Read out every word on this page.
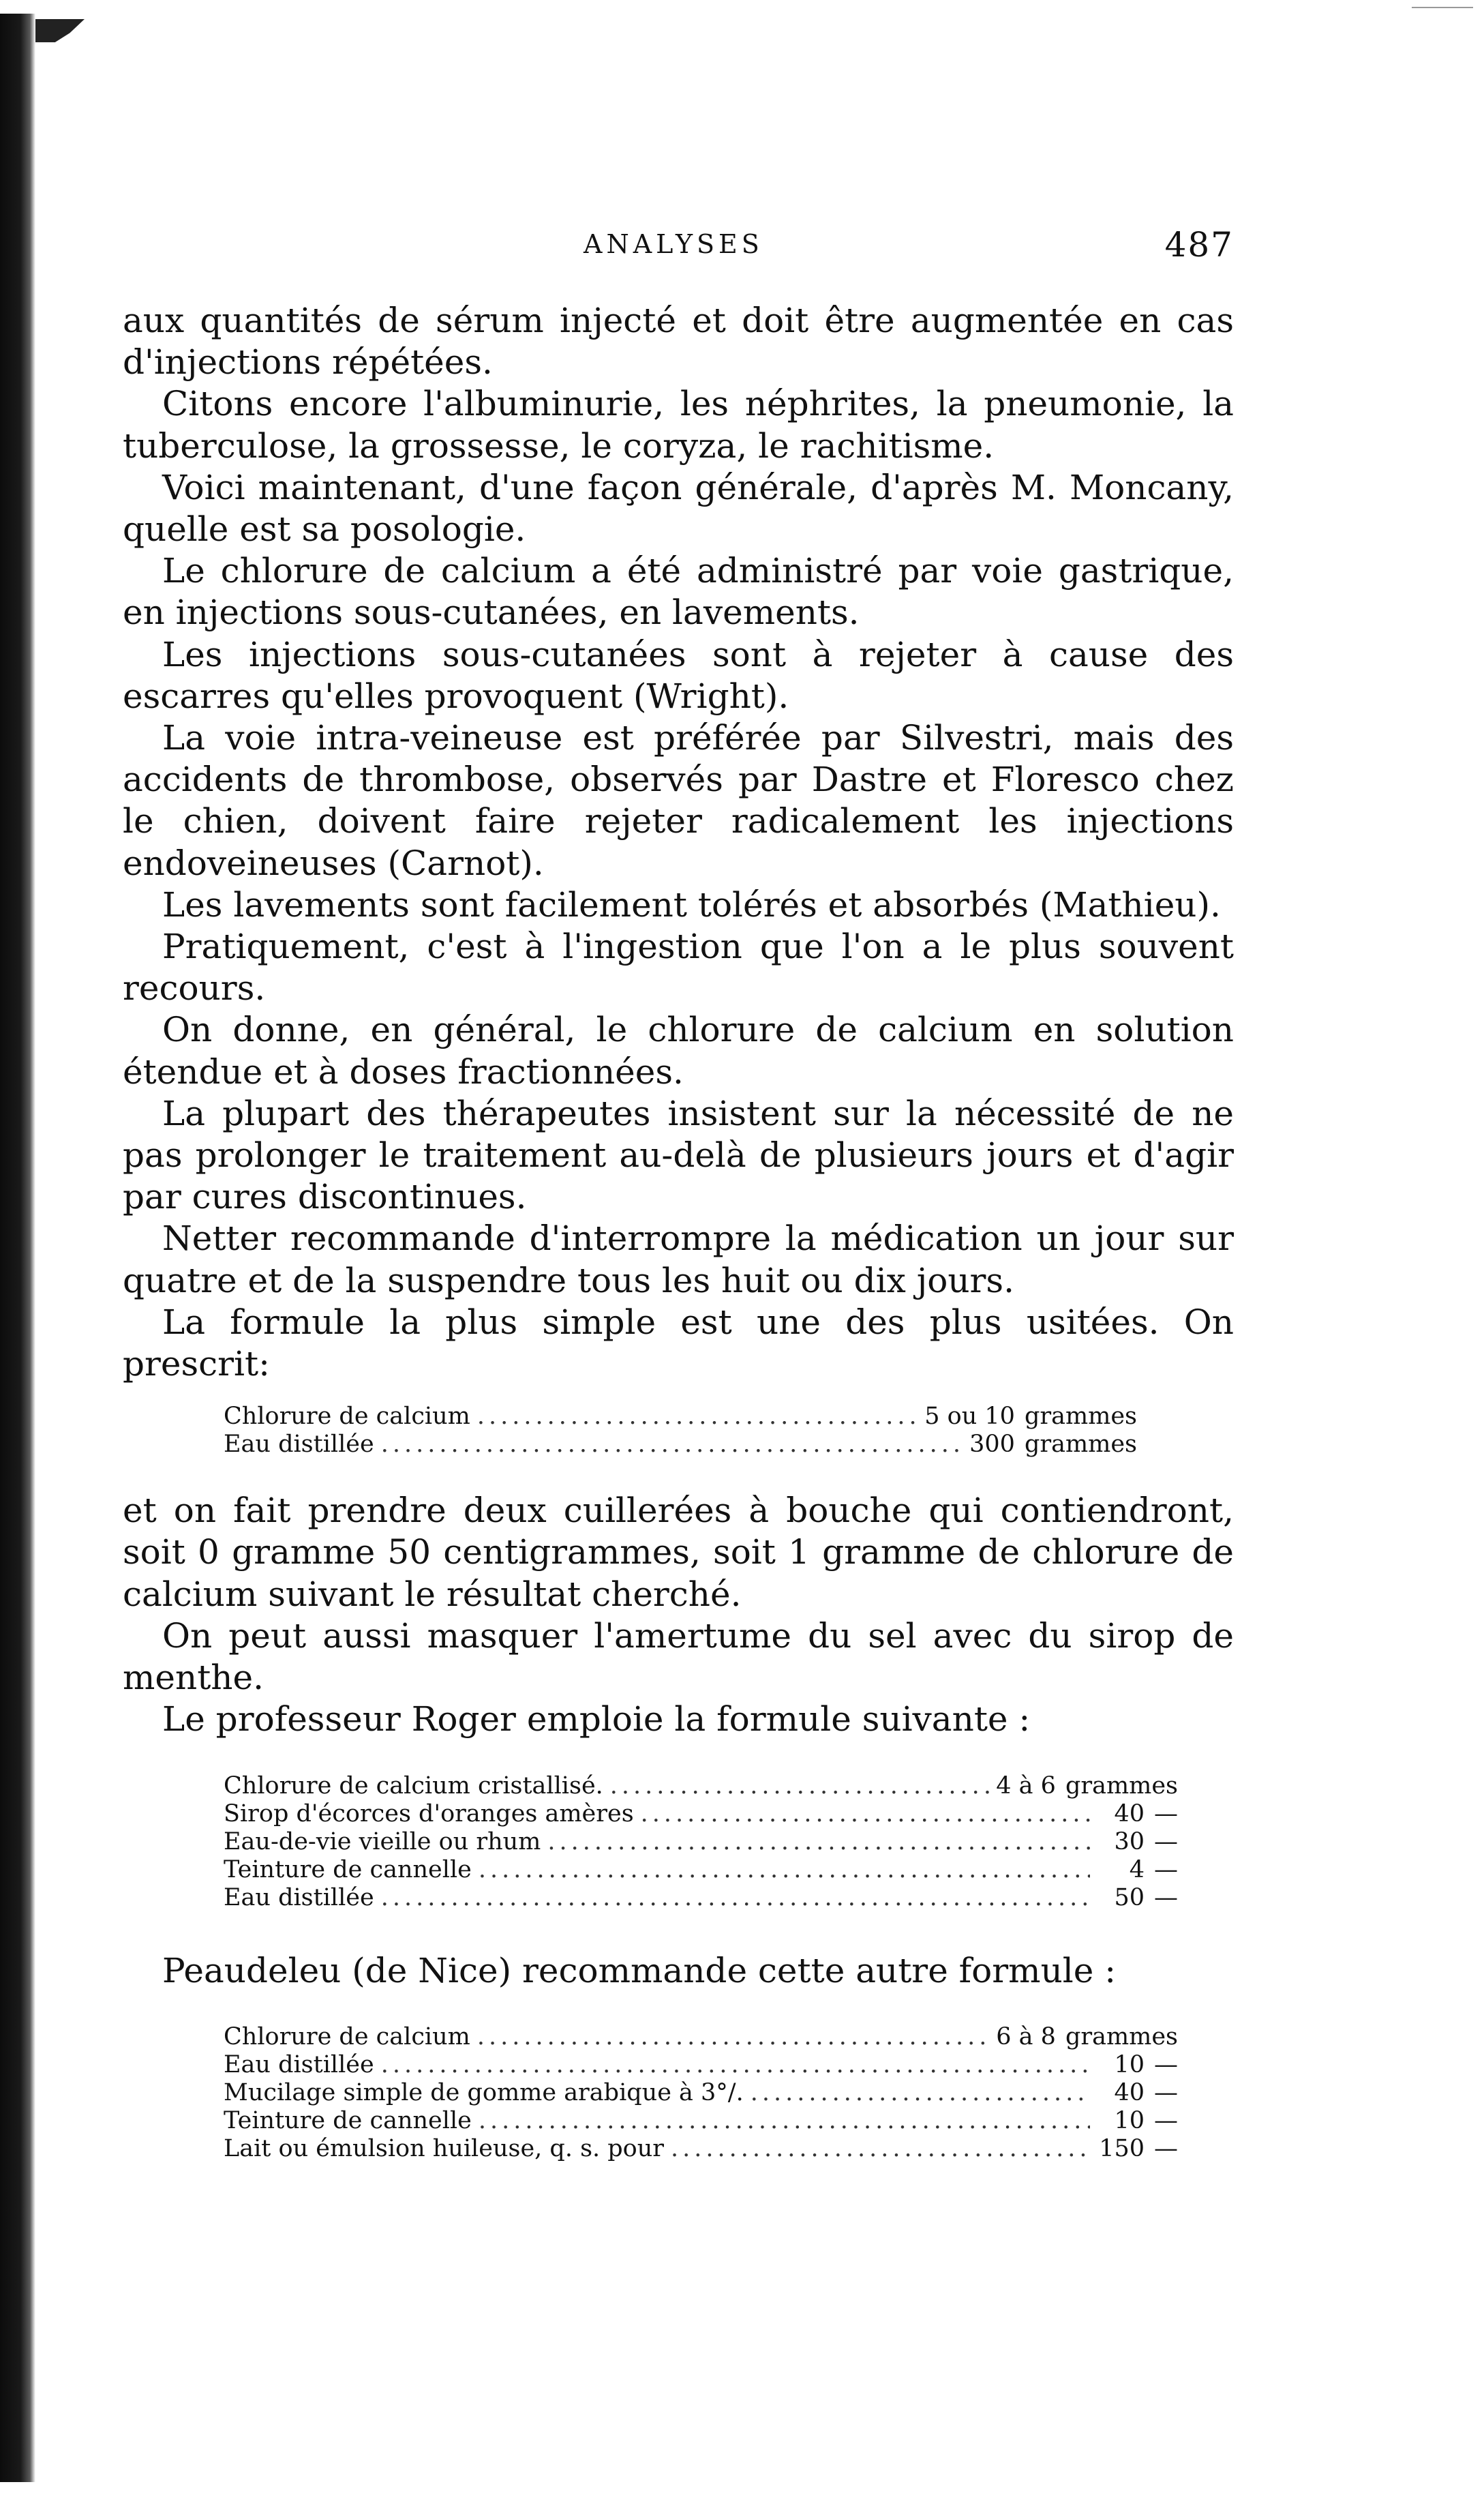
ANALYSES	487

aux quantités de sérum injecté et doit être augmentée en cas d'injections répétées.

Citons encore l'albuminurie, les néphrites, la pneumonie, la tuberculose, la grossesse, le coryza, le rachitisme.

Voici maintenant, d'une façon générale, d'après M. Moncany, quelle est sa posologie.

Le chlorure de calcium a été administré par voie gastrique, en injections sous-cutanées, en lavements.

Les injections sous-cutanées sont à rejeter à cause des escarres qu'elles provoquent (Wright).

La voie intra-veineuse est préférée par Silvestri, mais des accidents de thrombose, observés par Dastre et Floresco chez le chien, doivent faire rejeter radicalement les injections endoveineuses (Carnot).

Les lavements sont facilement tolérés et absorbés (Mathieu).

Pratiquement, c'est à l'ingestion que l'on a le plus souvent recours.

On donne, en général, le chlorure de calcium en solution étendue et à doses fractionnées.

La plupart des thérapeutes insistent sur la nécessité de ne pas prolonger le traitement au-delà de plusieurs jours et d'agir par cures discontinues.

Netter recommande d'interrompre la médication un jour sur quatre et de la suspendre tous les huit ou dix jours.

La formule la plus simple est une des plus usitées. On prescrit:

Chlorure de calcium .....	5 ou 10 grammes
Eau distillée .....	300 grammes

et on fait prendre deux cuillerées à bouche qui contiendront, soit 0 gramme 50 centigrammes, soit 1 gramme de chlorure de calcium suivant le résultat cherché.

On peut aussi masquer l'amertume du sel avec du sirop de menthe.

Le professeur Roger emploie la formule suivante :

Chlorure de calcium cristallisé. .....	4 à 6 grammes
Sirop d'écorces d'oranges amères .....	40 —
Eau-de-vie vieille ou rhum .....	30 —
Teinture de cannelle .....	4 —
Eau distillée .....	50 —

Peaudeleu (de Nice) recommande cette autre formule :

Chlorure de calcium .....	6 à 8 grammes
Eau distillée .....	10 —
Mucilage simple de gomme arabique à 3°/. .....	40 —
Teinture de cannelle .....	10 —
Lait ou émulsion huileuse, q. s. pour .....	150 —
